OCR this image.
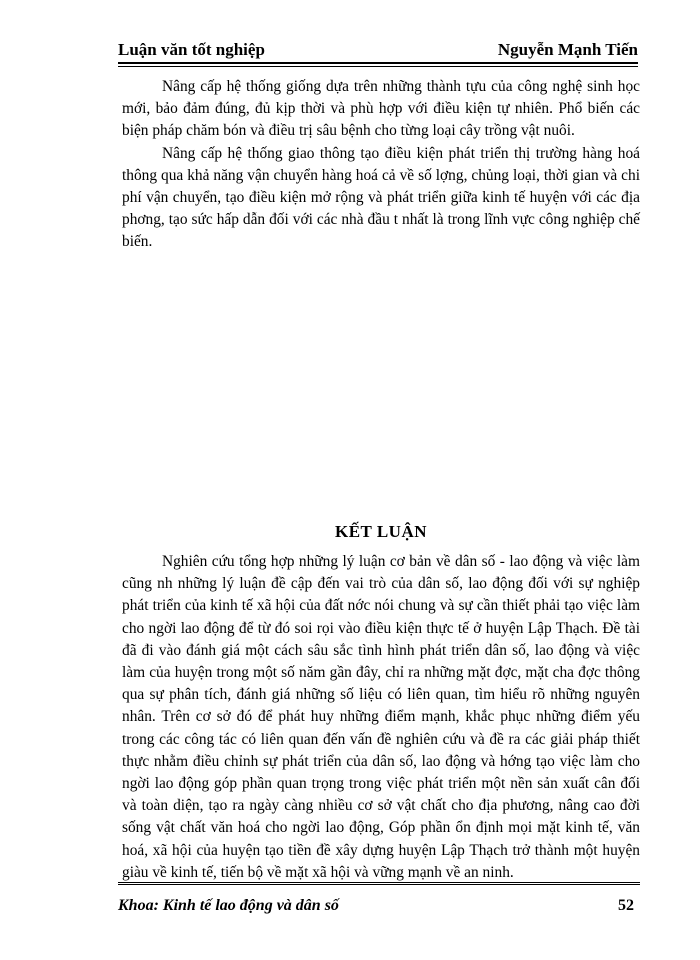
Luận văn tốt nghiệp	Nguyễn Mạnh Tiến

Nâng cấp hệ thống giống dựa trên những thành tựu của công nghệ sinh học mới, bảo đảm đúng, đủ kịp thời và phù hợp với điều kiện tự nhiên. Phổ biến các biện pháp chăm bón và điều trị sâu bệnh cho từng loại cây trồng vật nuôi.

Nâng cấp hệ thống giao thông tạo điều kiện phát triển thị trường hàng hoá thông qua khả năng vận chuyển hàng hoá cả về số lợng, chủng loại, thời gian và chi phí vận chuyển, tạo điều kiện mở rộng và phát triển giữa kinh tế huyện với các địa phơng, tạo sức hấp dẫn đối với các nhà đầu t nhất là trong lĩnh vực công nghiệp chế biến.

KẾT LUẬN

Nghiên cứu tổng hợp những lý luận cơ bản về dân số - lao động và việc làm cũng nh những lý luận đề cập đến vai trò của dân số, lao động đối với sự nghiệp phát triển của kinh tế xã hội của đất nớc nói chung và sự cần thiết phải tạo việc làm cho ngời lao động để từ đó soi rọi vào điều kiện thực tế ở huyện Lập Thạch. Đề tài đã đi vào đánh giá một cách sâu sắc tình hình phát triển dân số, lao động và việc làm của huyện trong một số năm gần đây, chỉ ra những mặt đợc, mặt cha đợc thông qua sự phân tích, đánh giá những số liệu có liên quan, tìm hiểu rõ những nguyên nhân. Trên cơ sở đó để phát huy những điểm mạnh, khắc phục những điểm yếu trong các công tác có liên quan đến vấn đề nghiên cứu và đề ra các giải pháp thiết thực nhằm điều chỉnh sự phát triển của dân số, lao động và hớng tạo việc làm cho ngời lao động góp phần quan trọng trong việc phát triển một nền sản xuất cân đối và toàn diện, tạo ra ngày càng nhiều cơ sở vật chất cho địa phương, nâng cao đời sống vật chất văn hoá cho ngời lao động, Góp phần ổn định mọi mặt kinh tế, văn hoá, xã hội của huyện tạo tiền đề xây dựng huyện Lập Thạch trở thành một huyện giàu về kinh tế, tiến bộ về mặt xã hội và vững mạnh về an ninh.

Khoa: Kinh tế lao động và dân số	52
